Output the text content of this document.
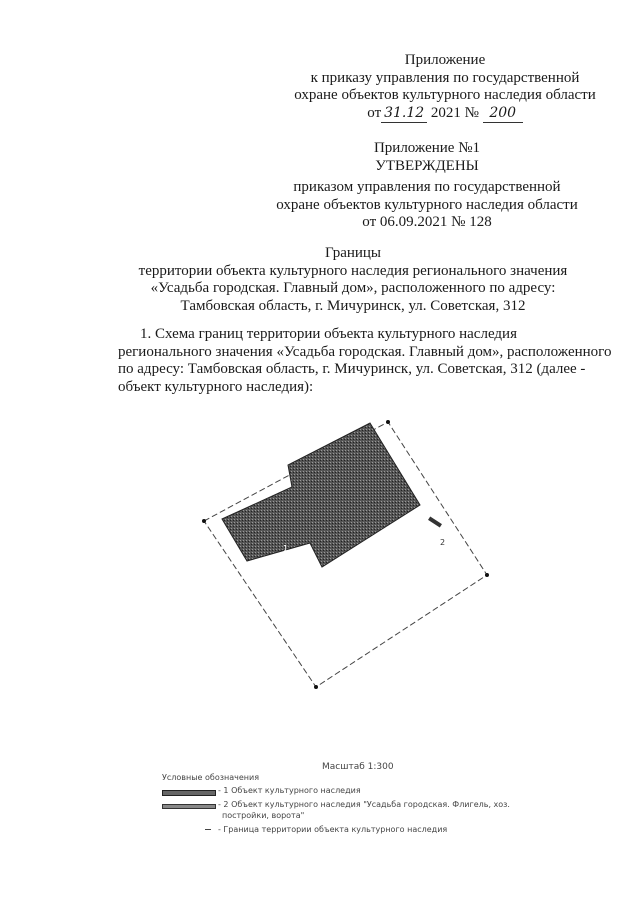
Приложение
к приказу управления по государственной
охране объектов культурного наследия области
от 31.12 2021 № 200
Приложение №1
УТВЕРЖДЕНЫ
приказом управления по государственной
охране объектов культурного наследия области
от 06.09.2021 № 128
Границы
территории объекта культурного наследия регионального значения
«Усадьба городская. Главный дом», расположенного по адресу:
Тамбовская область, г. Мичуринск, ул. Советская, 312
1. Схема границ территории объекта культурного наследия
регионального значения «Усадьба городская. Главный дом», расположенного
по адресу: Тамбовская область, г. Мичуринск, ул. Советская, 312 (далее -
объект культурного наследия):
1
2
Масштаб 1:300
Условные обозначения
- 1 Объект культурного наследия
- 2 Объект культурного наследия "Усадьба городская. Флигель, хоз.
постройки, ворота"
- Граница территории объекта культурного наследия
